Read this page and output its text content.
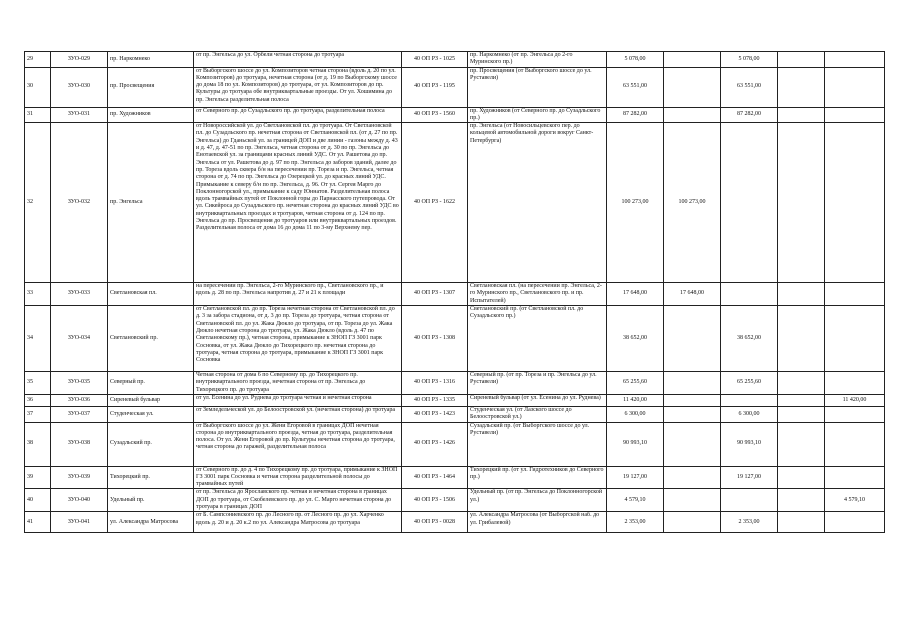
29	ЗУО-029	пр. Наркомнеко	от пр. Энгельса до ул. Орбели четная сторона до тротуара	40 ОП РЗ - 1025	пр. Наркомнеко (от пр. Энгельса до 2-го Муринского пр.)	5 078,00		5 078,00		
30	ЗУО-030	пр. Просвещения	от Выборгского шоссе до ул. Композиторов четная сторона (вдоль д. 20 по ул. Композиторов) до тротуара, нечетная сторона (от д. 19 по Выборгскому шоссе до дома 18 по ул. Композиторов) до тротуара, от ул. Композиторов до пр. Культуры до тротуара обе внутриквартальные проезды. От ул. Хошимина до пр. Энгельса разделительная полоса	40 ОП РЗ - 1195	пр. Просвещения (от Выборгского шоссе до ул. Руставели)	63 551,00		63 551,00		
31	ЗУО-031	пр. Художников	от Северного пр. до Сузадльского пр. до тротуара, разделительная полоса	40 ОП РЗ - 1560	пр. Художников (от Северного пр. до Сузадльского пр.)	87 282,00		87 282,00		
32	ЗУО-032	пр. Энгельса	от Новороссийской ул. до Светлановской пл. до тротуара. От Светлановской пл. до Сузадльского пр. нечетная сторона от Светлановской пл. (от д. 27 по пр. Энгельса) до Гданьской ул. за границей ДОП и две линии - газоны между д. 43 и д. 47, д. 47-51 по пр. Энгельса, четная сторона от д. 30 по пр. Энгельса до Енотаевской ул. за границами красных линий УДС. От ул. Рашетова до пр. Энгельса от ул. Рашетова до д. 97 по пр. Энгельса до заборов зданий, далее до пр. Тореза вдоль сквера б/н на пересечении пр. Тореза и пр. Энгельса, четная сторона от д. 74 по пр. Энгельса до Озерецкой ул. до красных линий УДС. Примыкание к северу б/н по пр. Энгельса, д. 96. От ул. Сергея Марго до Поклонногорской ул., примыкание к саду Юннатов. Разделительная полоса вдоль трамвайных путей от Поклонной горы до Парнасского путепровода. От ул. Сикейроса до Сузадльского пр. нечетная сторона до красных линий УДС во внутриквартальных проездах и тротуаров, четная сторона от д. 124 по пр. Энгельса до пр. Просвещения до тротуаров или внутриквартальных проездов. Разделительная полоса от дома 16 до дома 11 по 3-му Верхнему пер.	40 ОП РЗ - 1622	пр. Энгельса (от Новосильцевского пер. до кольцевой автомобильной дороги вокруг Санкт-Петербурга)	100 273,00	100 273,00			
33	ЗУО-033	Светлановская пл.	на пересечении пр. Энгельса, 2-го Муринского пр., Светлановского пр., и вдоль д. 28 по пр. Энгельса напротив д. 27 и 21 к площади	40 ОП РЗ - 1307	Светлановская пл. (на пересечении пр. Энгельса, 2-го Муринского пр., Светлановского пр. и пр. Испытателей)	17 648,00	17 648,00			
34	ЗУО-034	Светлановский пр.	от Светлановской пл. до пр. Тореза нечетная сторона от Светлановской пл. до д. 3 за забора стадиона, от д. 3 до пр. Тореза до тротуара, четная сторона от Светлановской пл. до ул. Жака Дюкло до тротуара, от пр. Тореза до ул. Жака Дюкло нечетная сторона до тротуара, ул. Жака Дюкло (вдоль д. 47 по Светлановскому пр.), четная сторона, примыкание к ЗНОП ГЗ 3001 парк Сосновка, от ул. Жака Дюкло до Тихорецкого пр. нечетная сторона до тротуара, четная сторона до тротуара, примыкание к ЗНОП ГЗ 3001 парк Сосновка	40 ОП РЗ - 1308	Светлановский пр. (от Светлановской пл. до Сузадльского пр.)	38 652,00		38 652,00		
35	ЗУО-035	Северный пр.	Четная сторона от дома 6 по Северному пр. до Тихорецкого пр. внутриквартального проезда, нечетная сторона от пр. Энгельса до Тихорецкого пр. до тротуара	40 ОП РЗ - 1316	Северный пр. (от пр. Тореза и пр. Энгельса до ул. Руставели)	65 255,60		65 255,60		
36	ЗУО-036	Сиреневый бульвар	от ул. Есенина до ул. Руднева до тротуара четная и нечетная сторона	40 ОП РЗ - 1335	Сиреневый бульвар (от ул. Есенина до ул. Руднева)	11 420,00				11 420,00
37	ЗУО-037	Студенческая ул.	от Земледельческой ул. до Белоостровской ул. (нечетная сторона) до тротуара	40 ОП РЗ - 1423	Студенческая ул. (от Лазского шоссе до Белоостровской ул.)	6 300,00		6 300,00		
38	ЗУО-038	Сузадльский пр.	от Выборгского шоссе до ул. Жени Егоровой в границах ДОП нечетная сторона до внутриквартального проезда, четная до тротуара, разделительная полоса. От ул. Жени Егоровой до пр. Культуры нечетная сторона до тротуара, четная сторона до гаражей, разделительная полоса	40 ОП РЗ - 1426	Сузадльский пр. (от Выборгского шоссе до ул. Руставели)	90 993,10		90 993,10		
39	ЗУО-039	Тихорецкий пр.	от Северного пр. до д. 4 по Тихорецкому пр. до тротуара, примыкание к ЗНОП ГЗ 3001 парк Сосновка и четная сторона разделительной полосы до трамвайных путей	40 ОП РЗ - 1464	Тихорецкий пр. (от ул. Гидротехников до Северного пр.)	19 127,00		19 127,00		
40	ЗУО-040	Удельный пр.	от пр. Энгельса до Ярославского пр. четная и нечетная сторона в границах ДОП до тротуара, от Скобелевского пр. до ул. С. Марго нечетная сторона до тротуара в границах ДОП	40 ОП РЗ - 1506	Удельный пр. (от пр. Энгельса до Поклонногорской ул.)	4 579,10				4 579,10
41	ЗУО-041	ул. Александра Матросова	от Б. Сампсониевского пр. до Лесного пр. от Лесного пр. до ул. Харченко вдоль д. 20 и д. 20 к.2 по ул. Александра Матросова до тротуара	40 ОП РЗ - 0028	ул. Александра Матросова (от Выборгской наб. до ул. Грибалевой)	2 353,00		2 353,00		
